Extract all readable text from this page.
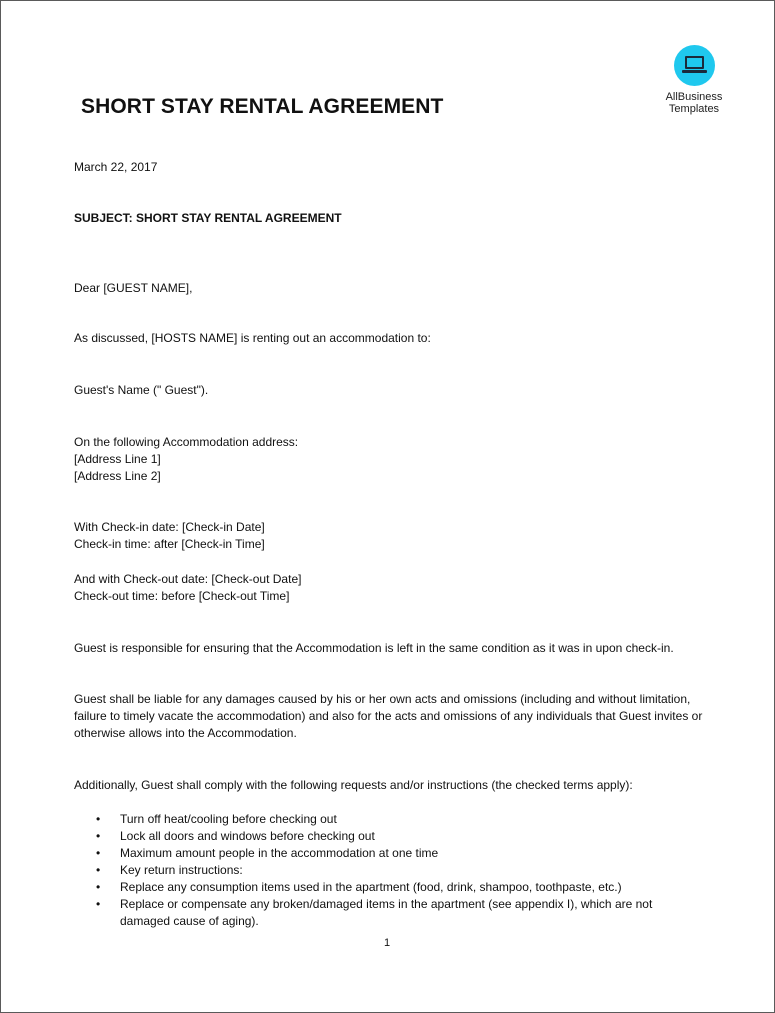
SHORT STAY RENTAL AGREEMENT	AllBusiness
Templates

March 22, 2017

SUBJECT: SHORT STAY RENTAL AGREEMENT

Dear [GUEST NAME],

As discussed, [HOSTS NAME] is renting out an accommodation to:

Guest's Name (" Guest").

On the following Accommodation address:
[Address Line 1]
[Address Line 2]
With Check-in date: [Check-in Date]
Check-in time: after [Check-in Time]
And with Check-out date: [Check-out Date]
Check-out time: before [Check-out Time]

Guest is responsible for ensuring that the Accommodation is left in the same condition as it was in upon check-in.

Guest shall be liable for any damages caused by his or her own acts and omissions (including and without limitation, failure to timely vacate the accommodation) and also for the acts and omissions of any individuals that Guest invites or otherwise allows into the Accommodation.

Additionally, Guest shall comply with the following requests and/or instructions (the checked terms apply):

• Turn off heat/cooling before checking out
• Lock all doors and windows before checking out
• Maximum amount people in the accommodation at one time
• Key return instructions:
• Replace any consumption items used in the apartment (food, drink, shampoo, toothpaste, etc.)
• Replace or compensate any broken/damaged items in the apartment (see appendix I), which are not damaged cause of aging).
1
